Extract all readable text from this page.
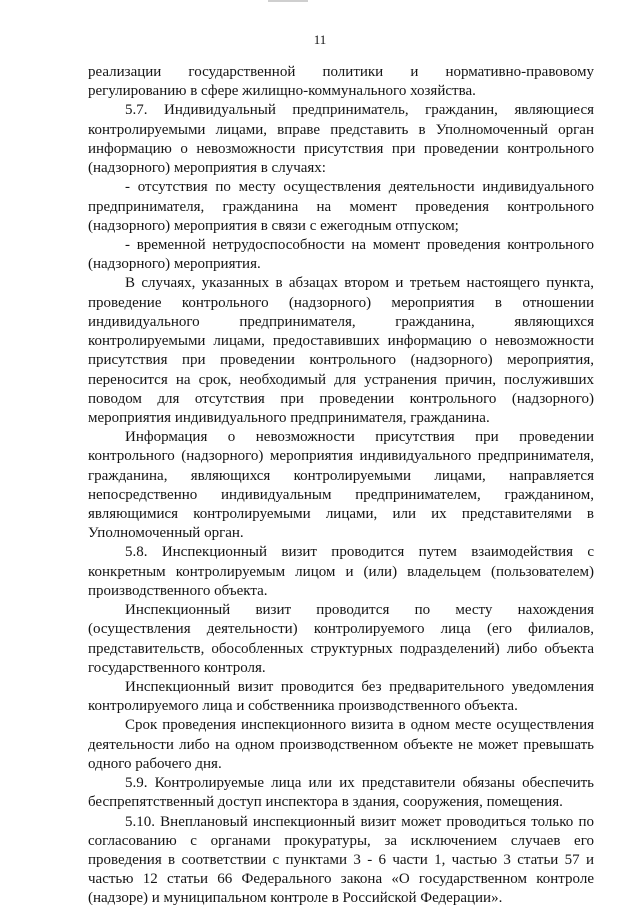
11
реализации государственной политики и нормативно-правовому
регулированию в сфере жилищно-коммунального хозяйства.
5.7. Индивидуальный предприниматель, гражданин, являющиеся
контролируемыми лицами, вправе представить в Уполномоченный орган
информацию о невозможности присутствия при проведении контрольного
(надзорного) мероприятия в случаях:
- отсутствия по месту осуществления деятельности индивидуального
предпринимателя, гражданина на момент проведения контрольного
(надзорного) мероприятия в связи с ежегодным отпуском;
- временной нетрудоспособности на момент проведения контрольного
(надзорного) мероприятия.
В случаях, указанных в абзацах втором и третьем настоящего пункта,
проведение контрольного (надзорного) мероприятия в отношении
индивидуального предпринимателя, гражданина, являющихся
контролируемыми лицами, предоставивших информацию о невозможности
присутствия при проведении контрольного (надзорного) мероприятия,
переносится на срок, необходимый для устранения причин, послуживших
поводом для отсутствия при проведении контрольного (надзорного)
мероприятия индивидуального предпринимателя, гражданина.
Информация о невозможности присутствия при проведении
контрольного (надзорного) мероприятия индивидуального предпринимателя,
гражданина, являющихся контролируемыми лицами, направляется
непосредственно индивидуальным предпринимателем, гражданином,
являющимися контролируемыми лицами, или их представителями в
Уполномоченный орган.
5.8. Инспекционный визит проводится путем взаимодействия с
конкретным контролируемым лицом и (или) владельцем (пользователем)
производственного объекта.
Инспекционный визит проводится по месту нахождения
(осуществления деятельности) контролируемого лица (его филиалов,
представительств, обособленных структурных подразделений) либо объекта
государственного контроля.
Инспекционный визит проводится без предварительного уведомления
контролируемого лица и собственника производственного объекта.
Срок проведения инспекционного визита в одном месте осуществления
деятельности либо на одном производственном объекте не может превышать
одного рабочего дня.
5.9. Контролируемые лица или их представители обязаны обеспечить
беспрепятственный доступ инспектора в здания, сооружения, помещения.
5.10. Внеплановый инспекционный визит может проводиться только по
согласованию с органами прокуратуры, за исключением случаев его
проведения в соответствии с пунктами 3 - 6 части 1, частью 3 статьи 57 и
частью 12 статьи 66 Федерального закона «О государственном контроле
(надзоре) и муниципальном контроле в Российской Федерации».
